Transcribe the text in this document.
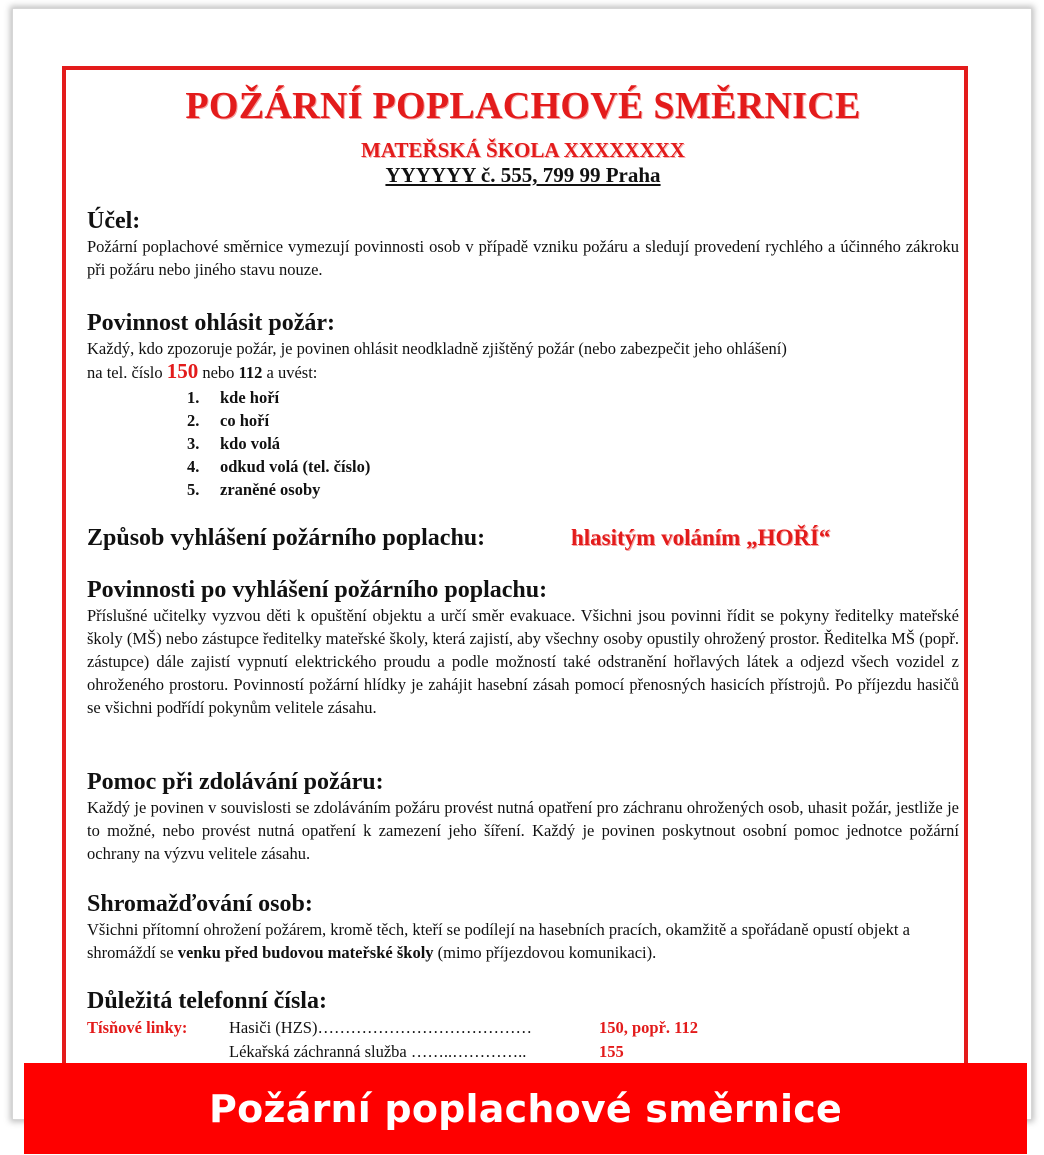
POŽÁRNÍ POPLACHOVÉ SMĚRNICE
MATEŘSKÁ ŠKOLA XXXXXXXX
YYYYYY č. 555, 799 99 Praha
Účel:

Požární poplachové směrnice vymezují povinnosti osob v případě vzniku požáru a sledují provedení rychlého a účinného zákroku při požáru nebo jiného stavu nouze.

Povinnost ohlásit požár:

Každý, kdo zpozoruje požár, je povinen ohlásit neodkladně zjištěný požár (nebo zabezpečit jeho ohlášení)
na tel. číslo 150 nebo 112 a uvést:

1. kde hoří
2. co hoří
3. kdo volá
4. odkud volá (tel. číslo)
5. zraněné osoby
Způsob vyhlášení požárního poplachu:	hlasitým voláním „HOŘÍ“
Povinnosti po vyhlášení požárního poplachu:

Příslušné učitelky vyzvou děti k opuštění objektu a určí směr evakuace. Všichni jsou povinni řídit se pokyny ředitelky mateřské školy (MŠ) nebo zástupce ředitelky mateřské školy, která zajistí, aby všechny osoby opustily ohrožený prostor. Ředitelka MŠ (popř. zástupce) dále zajistí vypnutí elektrického proudu a podle možností také odstranění hořlavých látek a odjezd všech vozidel z ohroženého prostoru. Povinností požární hlídky je zahájit hasební zásah pomocí přenosných hasicích přístrojů. Po příjezdu hasičů se všichni podřídí pokynům velitele zásahu.

Pomoc při zdolávání požáru:

Každý je povinen v souvislosti se zdoláváním požáru provést nutná opatření pro záchranu ohrožených osob, uhasit požár, jestliže je to možné, nebo provést nutná opatření k zamezení jeho šíření. Každý je povinen poskytnout osobní pomoc jednotce požární ochrany na výzvu velitele zásahu.

Shromažďování osob:

Všichni přítomní ohrožení požárem, kromě těch, kteří se podílejí na hasebních pracích, okamžitě a spořádaně opustí objekt a shromáždí se venku před budovou mateřské školy (mimo příjezdovou komunikaci).

Důležitá telefonní čísla:
Tísňové linky:	Hasiči (HZS)…………………………………	150, popř. 112
Lékařská záchranná služba ……..…………..	155
Požární poplachové směrnice
